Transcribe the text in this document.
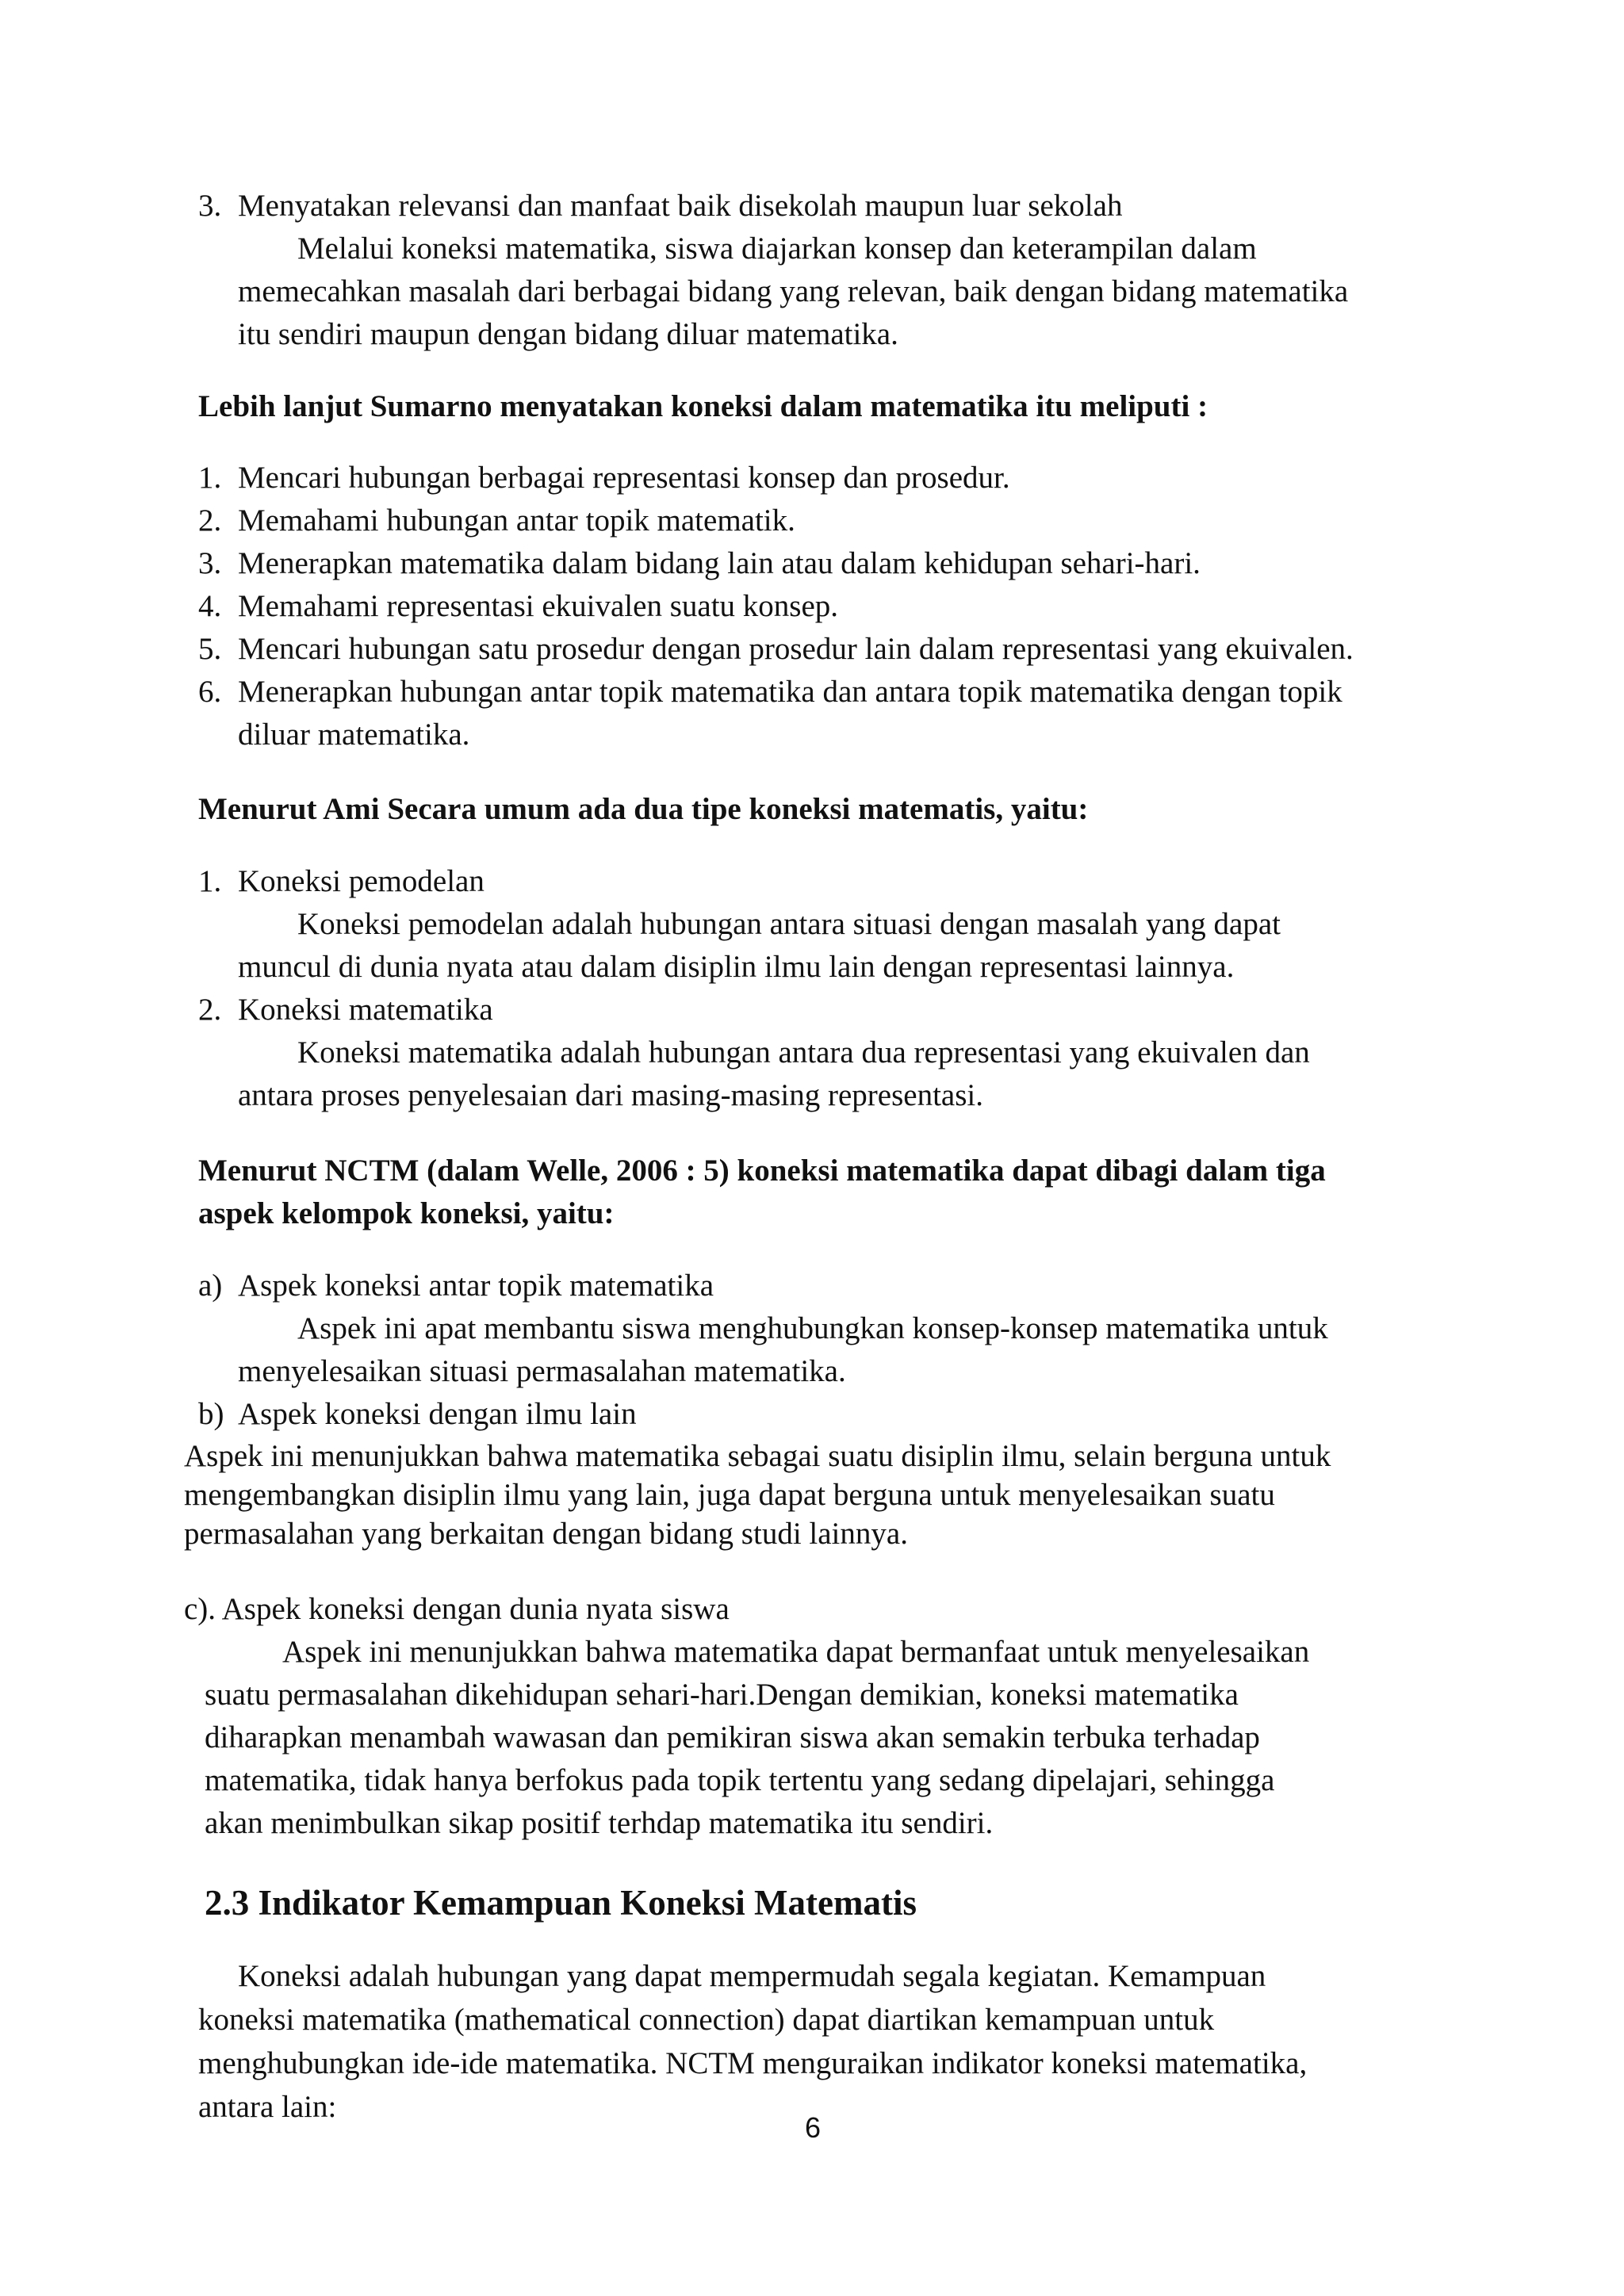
3. Menyatakan relevansi dan manfaat baik disekolah maupun luar sekolah
Melalui koneksi matematika, siswa diajarkan konsep dan keterampilan dalam
memecahkan masalah dari berbagai bidang yang relevan, baik dengan bidang matematika
itu sendiri maupun dengan bidang diluar matematika.
Lebih lanjut Sumarno menyatakan koneksi dalam matematika itu meliputi :
1. Mencari hubungan berbagai representasi konsep dan prosedur.
2. Memahami hubungan antar topik matematik.
3. Menerapkan matematika dalam bidang lain atau dalam kehidupan sehari-hari.
4. Memahami representasi ekuivalen suatu konsep.
5. Mencari hubungan satu prosedur dengan prosedur lain dalam representasi yang ekuivalen.
6. Menerapkan hubungan antar topik matematika dan antara topik matematika dengan topik
diluar matematika.
Menurut Ami Secara umum ada dua tipe koneksi matematis, yaitu:
1. Koneksi pemodelan
Koneksi pemodelan adalah hubungan antara situasi dengan masalah yang dapat
muncul di dunia nyata atau dalam disiplin ilmu lain dengan representasi lainnya.
2. Koneksi matematika
Koneksi matematika adalah hubungan antara dua representasi yang ekuivalen dan
antara proses penyelesaian dari masing-masing representasi.
Menurut NCTM (dalam Welle, 2006 : 5) koneksi matematika dapat dibagi dalam tiga
aspek kelompok koneksi, yaitu:
a) Aspek koneksi antar topik matematika
Aspek ini apat membantu siswa menghubungkan konsep-konsep matematika untuk
menyelesaikan situasi permasalahan matematika.
b) Aspek koneksi dengan ilmu lain
Aspek ini menunjukkan bahwa matematika sebagai suatu disiplin ilmu, selain berguna untuk
mengembangkan disiplin ilmu yang lain, juga dapat berguna untuk menyelesaikan suatu
permasalahan yang berkaitan dengan bidang studi lainnya.
c). Aspek koneksi dengan dunia nyata siswa
Aspek ini menunjukkan bahwa matematika dapat bermanfaat untuk menyelesaikan
suatu permasalahan dikehidupan sehari-hari.Dengan demikian, koneksi matematika
diharapkan menambah wawasan dan pemikiran siswa akan semakin terbuka terhadap
matematika, tidak hanya berfokus pada topik tertentu yang sedang dipelajari, sehingga
akan menimbulkan sikap positif terhdap matematika itu sendiri.
2.3 Indikator Kemampuan Koneksi Matematis
Koneksi adalah hubungan yang dapat mempermudah segala kegiatan. Kemampuan
koneksi matematika (mathematical connection) dapat diartikan kemampuan untuk
menghubungkan ide-ide matematika. NCTM menguraikan indikator koneksi matematika,
antara lain:
6
